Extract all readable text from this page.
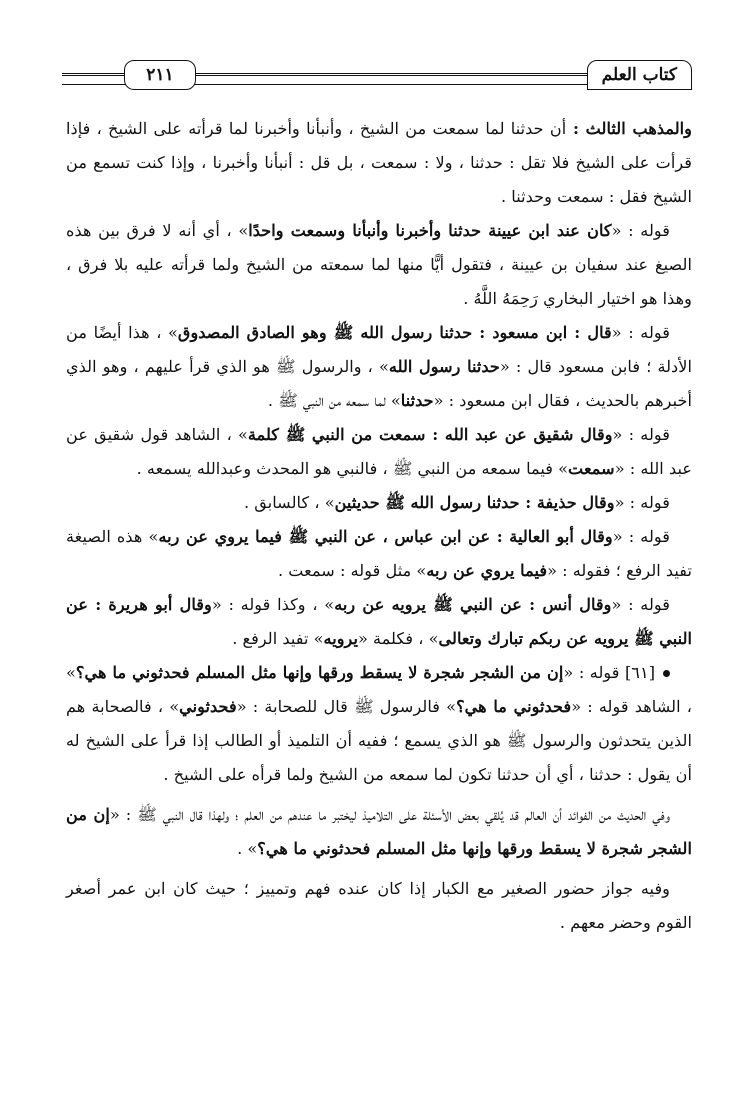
كتاب العلم
٢١١

والمذهب الثالث : أن حدثنا لما سمعت من الشيخ ، وأنبأنا وأخبرنا لما قرأته على الشيخ ، فإذا قرأت على الشيخ فلا تقل : حدثنا ، ولا : سمعت ، بل قل : أنبأنا وأخبرنا ، وإذا كنت تسمع من الشيخ فقل : سمعت وحدثنا .

قوله : «كان عند ابن عيينة حدثنا وأخبرنا وأنبأنا وسمعت واحدًا» ، أي أنه لا فرق بين هذه الصيغ عند سفيان بن عيينة ، فتقول أيًّا منها لما سمعته من الشيخ ولما قرأته عليه بلا فرق ، وهذا هو اختيار البخاري رَحِمَهُ اللَّهُ .

قوله : «قال : ابن مسعود : حدثنا رسول الله ﷺ وهو الصادق المصدوق» ، هذا أيضًا من الأدلة ؛ فابن مسعود قال : «حدثنا رسول الله» ، والرسول ﷺ هو الذي قرأ عليهم ، وهو الذي أخبرهم بالحديث ، فقال ابن مسعود : «حدثنا» لما سمعه من النبي ﷺ .

قوله : «وقال شقيق عن عبد الله : سمعت من النبي ﷺ كلمة» ، الشاهد قول شقيق عن عبد الله : «سمعت» فيما سمعه من النبي ﷺ ، فالنبي هو المحدث وعبدالله يسمعه .

قوله : «وقال حذيفة : حدثنا رسول الله ﷺ حديثين» ، كالسابق .

قوله : «وقال أبو العالية : عن ابن عباس ، عن النبي ﷺ فيما يروي عن ربه» هذه الصيغة تفيد الرفع ؛ فقوله : «فيما يروي عن ربه» مثل قوله : سمعت .

قوله : «وقال أنس : عن النبي ﷺ يرويه عن ربه» ، وكذا قوله : «وقال أبو هريرة : عن النبي ﷺ يرويه عن ربكم تبارك وتعالى» ، فكلمة «يرويه» تفيد الرفع .

[٦١] قوله : «إن من الشجر شجرة لا يسقط ورقها وإنها مثل المسلم فحدثوني ما هي؟» ، الشاهد قوله : «فحدثوني ما هي؟» فالرسول ﷺ قال للصحابة : «فحدثوني» ، فالصحابة هم الذين يتحدثون والرسول ﷺ هو الذي يسمع ؛ ففيه أن التلميذ أو الطالب إذا قرأ على الشيخ له أن يقول : حدثنا ، أي أن حدثنا تكون لما سمعه من الشيخ ولما قرأه على الشيخ .

وفي الحديث من الفوائد أن العالم قد يُلقي بعض الأسئلة على التلاميذ ليختبر ما عندهم من العلم ؛ ولهذا قال النبي ﷺ : «إن من الشجر شجرة لا يسقط ورقها وإنها مثل المسلم فحدثوني ما هي؟» .

وفيه جواز حضور الصغير مع الكبار إذا كان عنده فهم وتمييز ؛ حيث كان ابن عمر أصغر القوم وحضر معهم .
